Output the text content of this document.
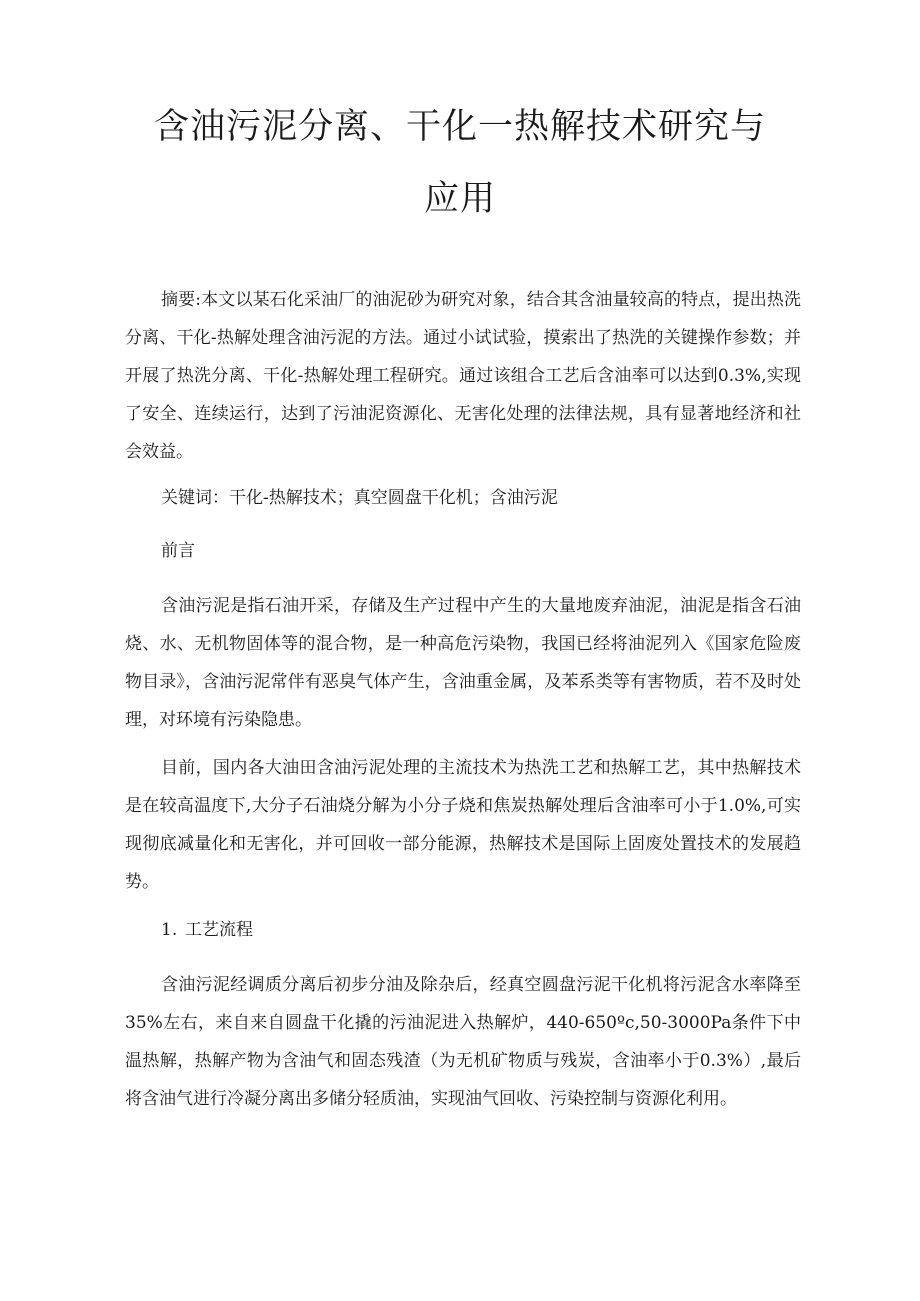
含油污泥分离、干化一热解技术研究与
应用

摘要:本文以某石化采油厂的油泥砂为研究对象，结合其含油量较高的特点，提出热洗分离、干化-热解处理含油污泥的方法。通过小试试验，摸索出了热洗的关键操作参数；并开展了热洗分离、干化-热解处理工程研究。通过该组合工艺后含油率可以达到0.3%,实现了安全、连续运行，达到了污油泥资源化、无害化处理的法律法规，具有显著地经济和社会效益。

关键词：干化-热解技术；真空圆盘干化机；含油污泥

前言

含油污泥是指石油开采，存储及生产过程中产生的大量地废弃油泥，油泥是指含石油烧、水、无机物固体等的混合物，是一种高危污染物，我国已经将油泥列入《国家危险废物目录》，含油污泥常伴有恶臭气体产生，含油重金属，及苯系类等有害物质，若不及时处理，对环境有污染隐患。

目前，国内各大油田含油污泥处理的主流技术为热洗工艺和热解工艺，其中热解技术是在较高温度下,大分子石油烧分解为小分子烧和焦炭热解处理后含油率可小于1.0%,可实现彻底减量化和无害化，并可回收一部分能源，热解技术是国际上固废处置技术的发展趋势。

1. 工艺流程

含油污泥经调质分离后初步分油及除杂后，经真空圆盘污泥干化机将污泥含水率降至35%左右，来自来自圆盘干化撬的污油泥进入热解炉，440-650ºc,50-3000Pa条件下中温热解，热解产物为含油气和固态残渣（为无机矿物质与残炭，含油率小于0.3%）,最后将含油气进行冷凝分离出多储分轻质油，实现油气回收、污染控制与资源化利用。
